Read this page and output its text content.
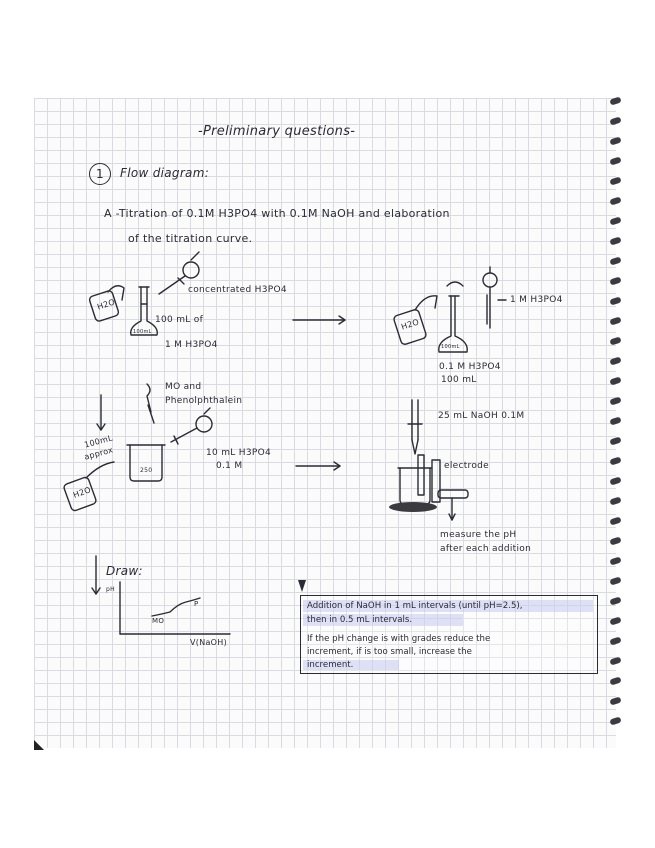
-Preliminary questions-
1	Flow diagram:
A -Titration of 0.1M H3PO4 with 0.1M NaOH and elaboration
of the titration curve.
H2O
concentrated H3PO4
100 mL of
1 M H3PO4
100mL
H2O
1 M H3PO4
0.1 M H3PO4
100 mL
100mL
MO and
Phenolphthalein
100mL
approx	10 mL H3PO4
0.1 M
250
H2O
25 mL NaOH 0.1M
electrode
measure the pH
after each addition
Draw:
pH
V(NaOH)
MO
P	Addition of NaOH in 1 mL intervals (until pH=2.5),
then in 0.5 mL intervals.
If the pH change is with grades reduce the
increment, if is too small, increase the
increment.
